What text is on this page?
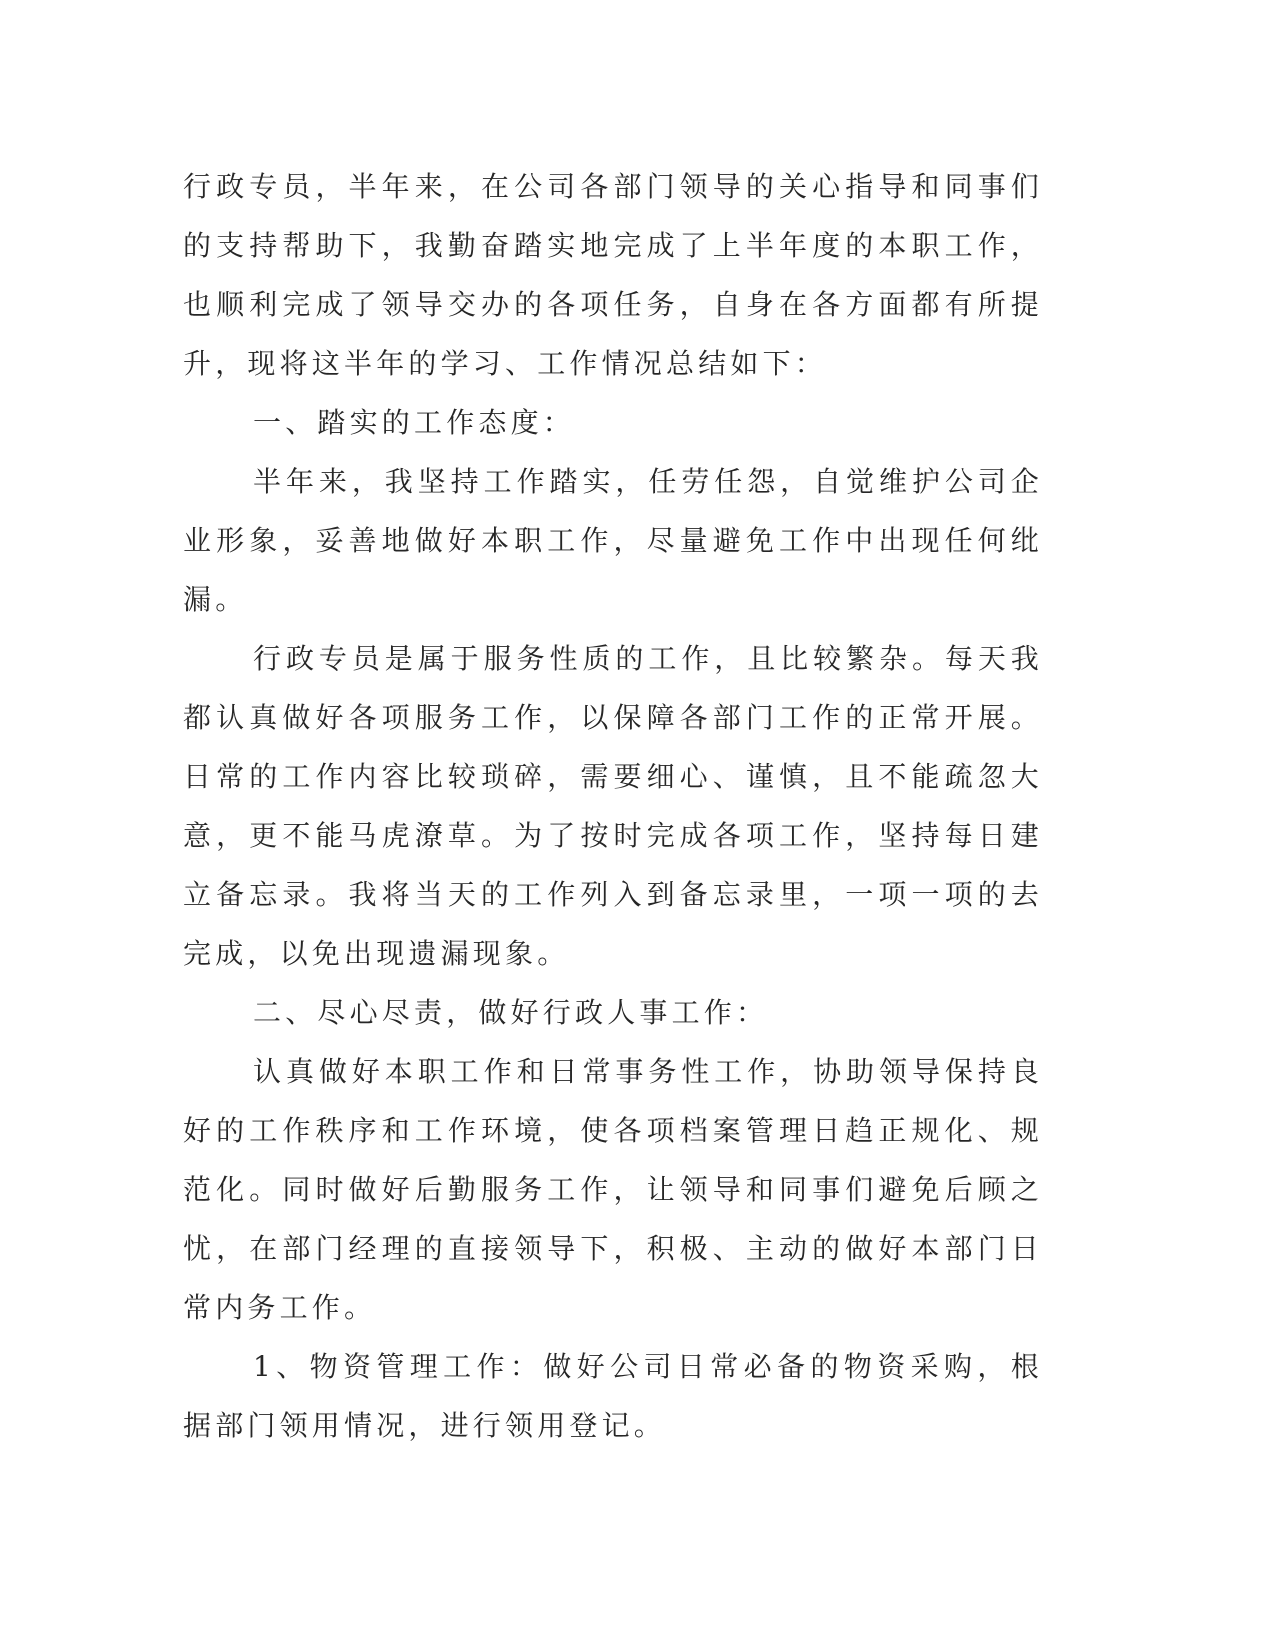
行政专员，半年来，在公司各部门领导的关心指导和同事们的支持帮助下，我勤奋踏实地完成了上半年度的本职工作，也顺利完成了领导交办的各项任务，自身在各方面都有所提升，现将这半年的学习、工作情况总结如下：

一、踏实的工作态度：

半年来，我坚持工作踏实，任劳任怨，自觉维护公司企业形象，妥善地做好本职工作，尽量避免工作中出现任何纰漏。

行政专员是属于服务性质的工作，且比较繁杂。每天我都认真做好各项服务工作，以保障各部门工作的正常开展。日常的工作内容比较琐碎，需要细心、谨慎，且不能疏忽大意，更不能马虎潦草。为了按时完成各项工作，坚持每日建立备忘录。我将当天的工作列入到备忘录里，一项一项的去完成，以免出现遗漏现象。

二、尽心尽责，做好行政人事工作：

认真做好本职工作和日常事务性工作，协助领导保持良好的工作秩序和工作环境，使各项档案管理日趋正规化、规范化。同时做好后勤服务工作，让领导和同事们避免后顾之忧，在部门经理的直接领导下，积极、主动的做好本部门日常内务工作。

1、物资管理工作：做好公司日常必备的物资采购，根据部门领用情况，进行领用登记。
